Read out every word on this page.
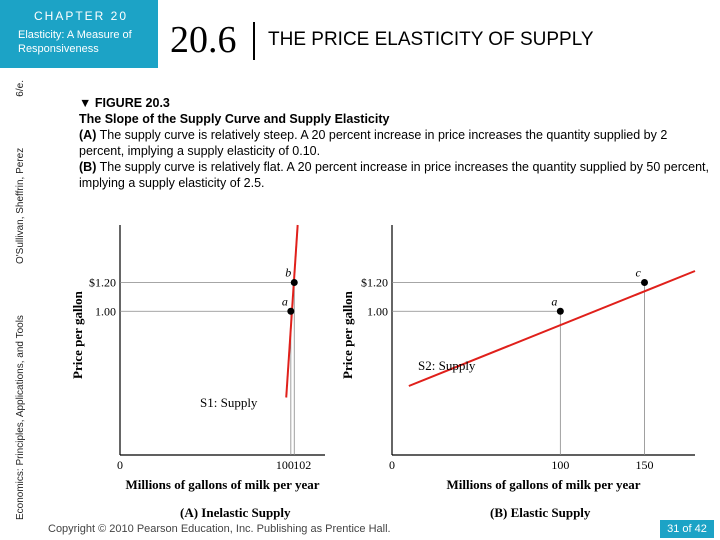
CHAPTER 20
Elasticity: A Measure of Responsiveness
Economics: Principles, Applications, and Tools
O'Sullivan, Sheffrin, Perez
6/e.
20.6 THE PRICE ELASTICITY OF SUPPLY
▼ FIGURE 20.3
The Slope of the Supply Curve and Supply Elasticity
(A) The supply curve is relatively steep. A 20 percent increase in price increases the quantity supplied by 2 percent, implying a supply elasticity of 0.10.
(B) The supply curve is relatively flat. A 20 percent increase in price increases the quantity supplied by 50 percent, implying a supply elasticity of 2.5.
a
b
$1.20
1.00
0	100 102
Millions of gallons of milk per year
Price per gallon
S1: Supply
(A) Inelastic Supply
a
c
$1.20
1.00
0	100	150
Millions of gallons of milk per year
Price per gallon	S2: Supply
(B) Elastic Supply
Copyright © 2010 Pearson Education, Inc. Publishing as Prentice Hall.	31 of 42
